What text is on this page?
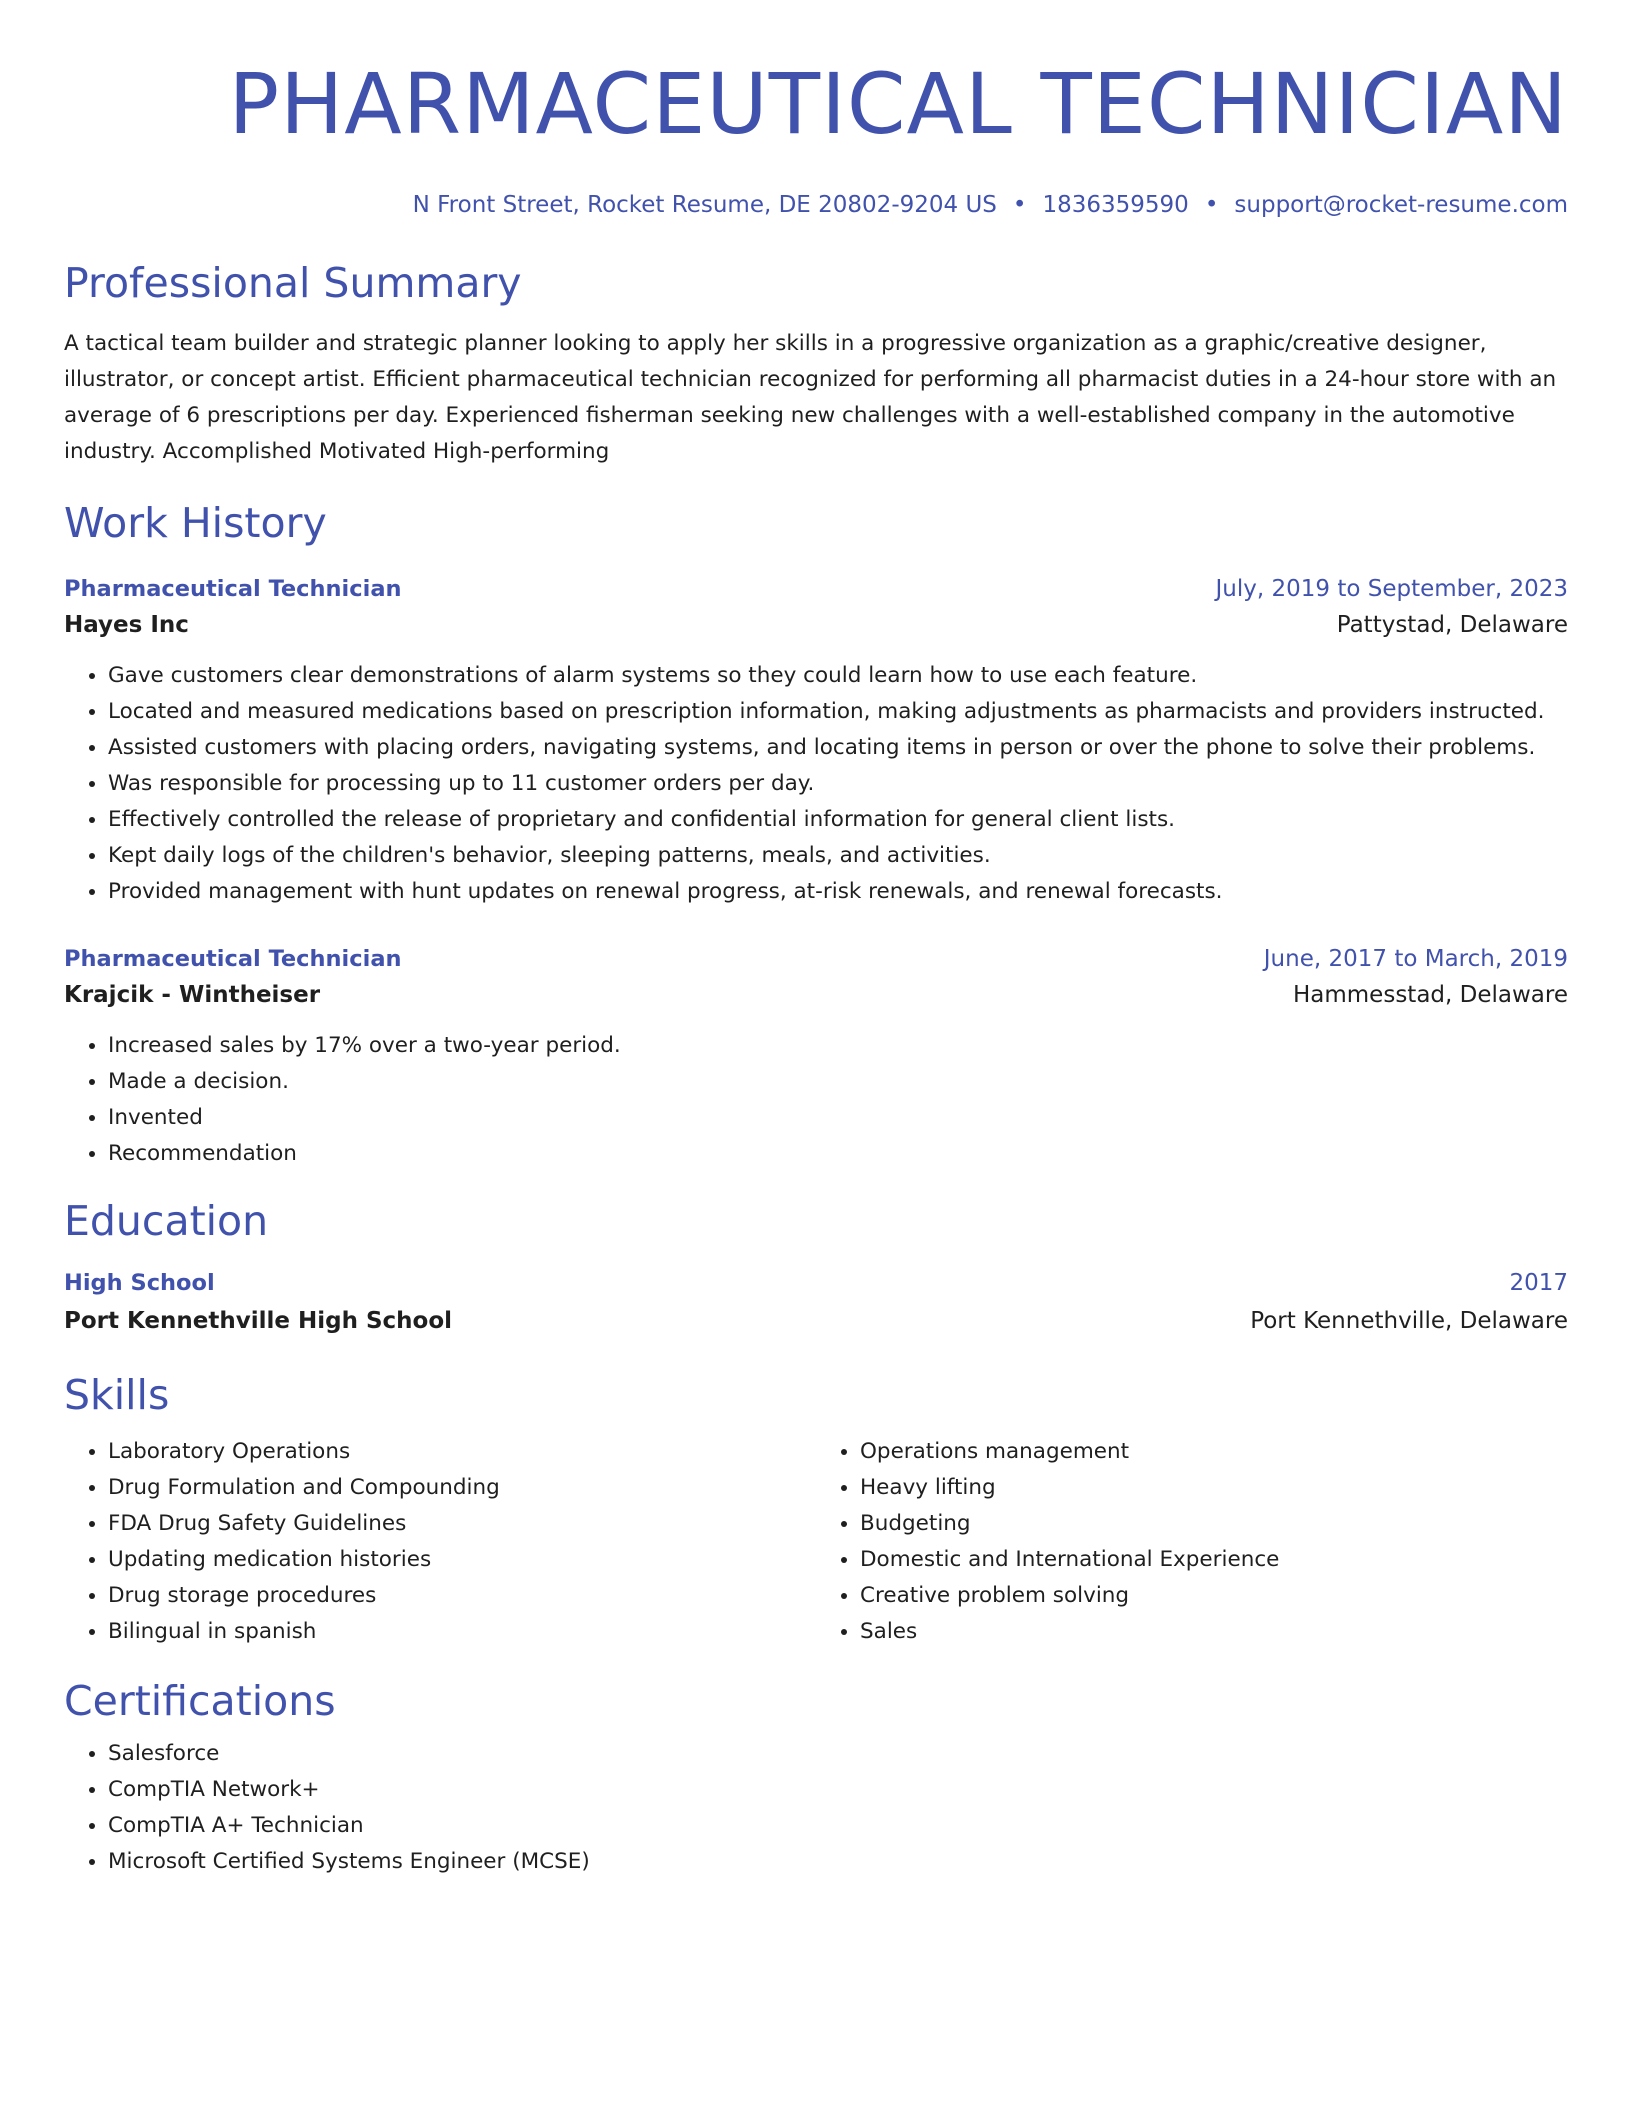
PHARMACEUTICAL TECHNICIAN
N Front Street, Rocket Resume, DE 20802-9204 US • 1836359590 • support@rocket-resume.com
Professional Summary
A tactical team builder and strategic planner looking to apply her skills in a progressive organization as a graphic/creative designer, illustrator, or concept artist. Efficient pharmaceutical technician recognized for performing all pharmacist duties in a 24-hour store with an average of 6 prescriptions per day. Experienced fisherman seeking new challenges with a well-established company in the automotive industry. Accomplished Motivated High-performing
Work History
Pharmaceutical Technician	July, 2019 to September, 2023
Hayes Inc	Pattystad, Delaware
• Gave customers clear demonstrations of alarm systems so they could learn how to use each feature.
• Located and measured medications based on prescription information, making adjustments as pharmacists and providers instructed.
• Assisted customers with placing orders, navigating systems, and locating items in person or over the phone to solve their problems.
• Was responsible for processing up to 11 customer orders per day.
• Effectively controlled the release of proprietary and confidential information for general client lists.
• Kept daily logs of the children's behavior, sleeping patterns, meals, and activities.
• Provided management with hunt updates on renewal progress, at-risk renewals, and renewal forecasts.
Pharmaceutical Technician	June, 2017 to March, 2019
Krajcik - Wintheiser	Hammesstad, Delaware
• Increased sales by 17% over a two-year period.
• Made a decision.
• Invented
• Recommendation
Education
High School	2017
Port Kennethville High School	Port Kennethville, Delaware
Skills
• Laboratory Operations
• Drug Formulation and Compounding
• FDA Drug Safety Guidelines
• Updating medication histories
• Drug storage procedures
• Bilingual in spanish
• Operations management
• Heavy lifting
• Budgeting
• Domestic and International Experience
• Creative problem solving
• Sales
Certifications
• Salesforce
• CompTIA Network+
• CompTIA A+ Technician
• Microsoft Certified Systems Engineer (MCSE)
